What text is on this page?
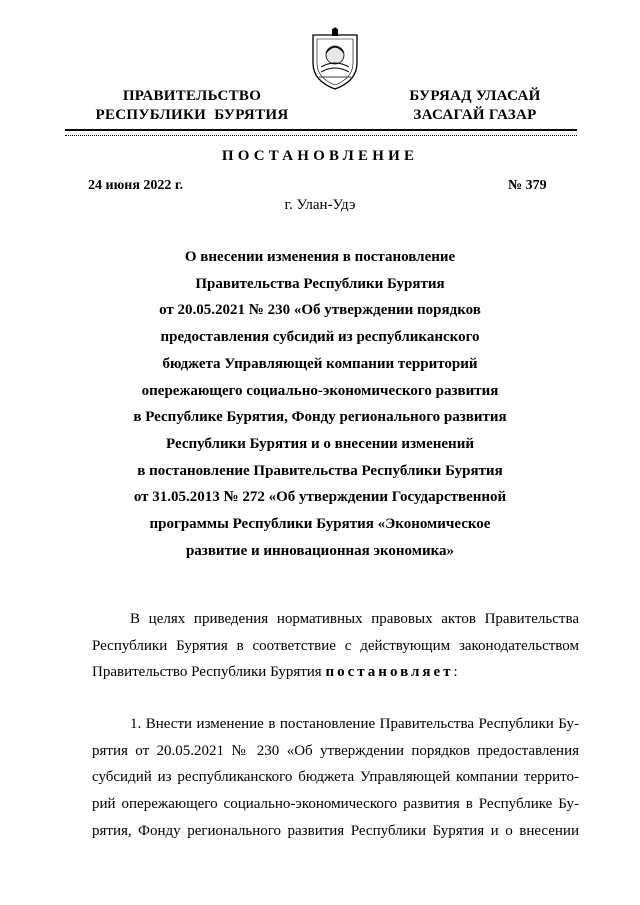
ПРАВИТЕЛЬСТВО
РЕСПУБЛИКИ  БУРЯТИЯ
БУРЯАД УЛАСАЙ
ЗАСАГАЙ ГАЗАР
ПОСТАНОВЛЕНИЕ
24 июня 2022 г.	№ 379
г. Улан-Удэ
О внесении изменения в постановление
Правительства Республики Бурятия
от 20.05.2021 № 230 «Об утверждении порядков
предоставления субсидий из республиканского
бюджета Управляющей компании территорий
опережающего социально-экономического развития
в Республике Бурятия, Фонду регионального развития
Республики Бурятия и о внесении изменений
в постановление Правительства Республики Бурятия
от 31.05.2013 № 272 «Об утверждении Государственной
программы Республики Бурятия «Экономическое
развитие и инновационная экономика»
В целях приведения нормативных правовых актов Правительства
Республики Бурятия в соответствие с действующим законодательством
Правительство Республики Бурятия постановляет:
1. Внести изменение в постановление Правительства Республики Бу-
рятия от 20.05.2021 № 230 «Об утверждении порядков предоставления
субсидий из республиканского бюджета Управляющей компании террито-
рий опережающего социально-экономического развития в Республике Бу-
рятия, Фонду регионального развития Республики Бурятия и о внесении
